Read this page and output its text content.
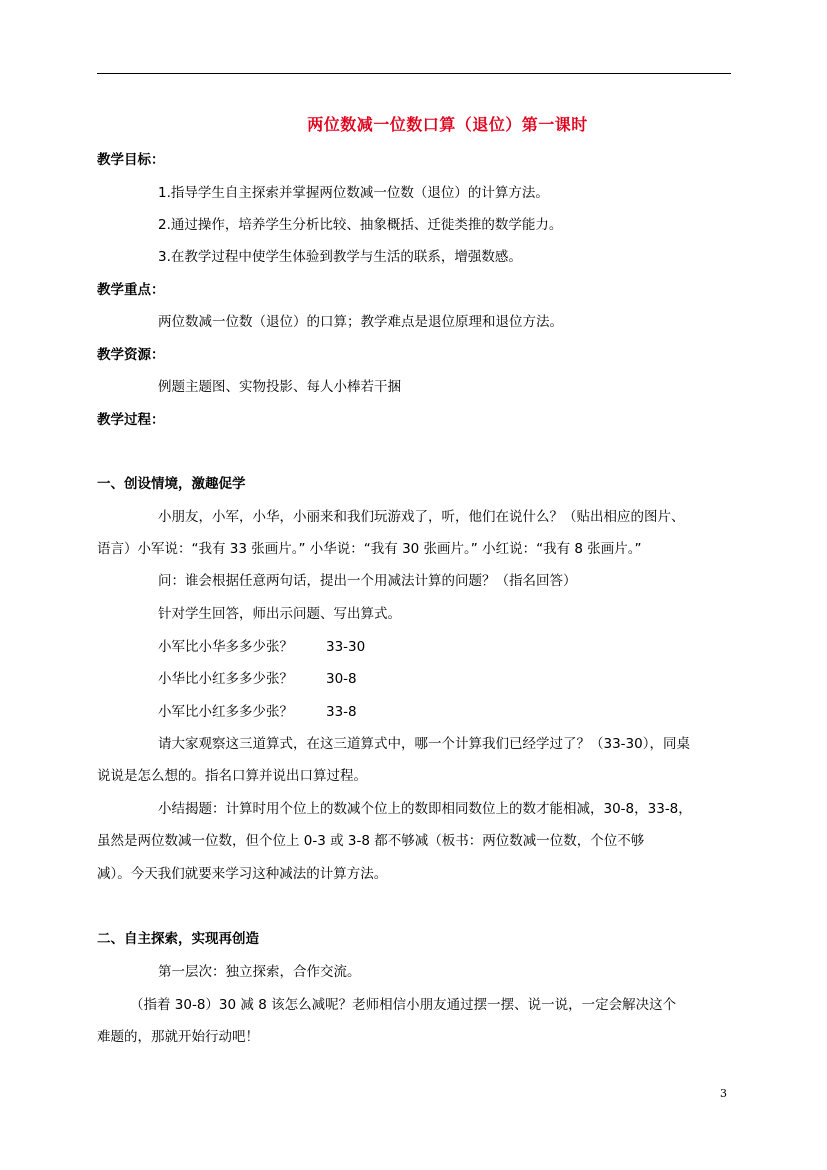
两位数减一位数口算（退位）第一课时
教学目标：
1.指导学生自主探索并掌握两位数减一位数（退位）的计算方法。
2.通过操作，培养学生分析比较、抽象概括、迁徙类推的数学能力。
3.在教学过程中使学生体验到教学与生活的联系，增强数感。
教学重点：
两位数减一位数（退位）的口算；教学难点是退位原理和退位方法。
教学资源：
例题主题图、实物投影、每人小棒若干捆
教学过程：
一、创设情境，激趣促学
小朋友，小军，小华，小丽来和我们玩游戏了，听，他们在说什么？（贴出相应的图片、
语言）小军说：“我有 33 张画片。” 小华说：“我有 30 张画片。” 小红说：“我有 8 张画片。”
问：谁会根据任意两句话，提出一个用减法计算的问题？（指名回答）
针对学生回答，师出示问题、写出算式。
小军比小华多多少张？ 33-30
小华比小红多多少张？ 30-8
小军比小红多多少张？ 33-8
请大家观察这三道算式，在这三道算式中，哪一个计算我们已经学过了？（33-30），同桌
说说是怎么想的。指名口算并说出口算过程。
小结揭题：计算时用个位上的数减个位上的数即相同数位上的数才能相减，30-8，33-8，
虽然是两位数减一位数，但个位上 0-3 或 3-8 都不够减（板书：两位数减一位数，个位不够
减）。今天我们就要来学习这种减法的计算方法。
二、自主探索，实现再创造
第一层次：独立探索，合作交流。
（指着 30-8）30 减 8 该怎么减呢？老师相信小朋友通过摆一摆、说一说，一定会解决这个
难题的，那就开始行动吧！
3
